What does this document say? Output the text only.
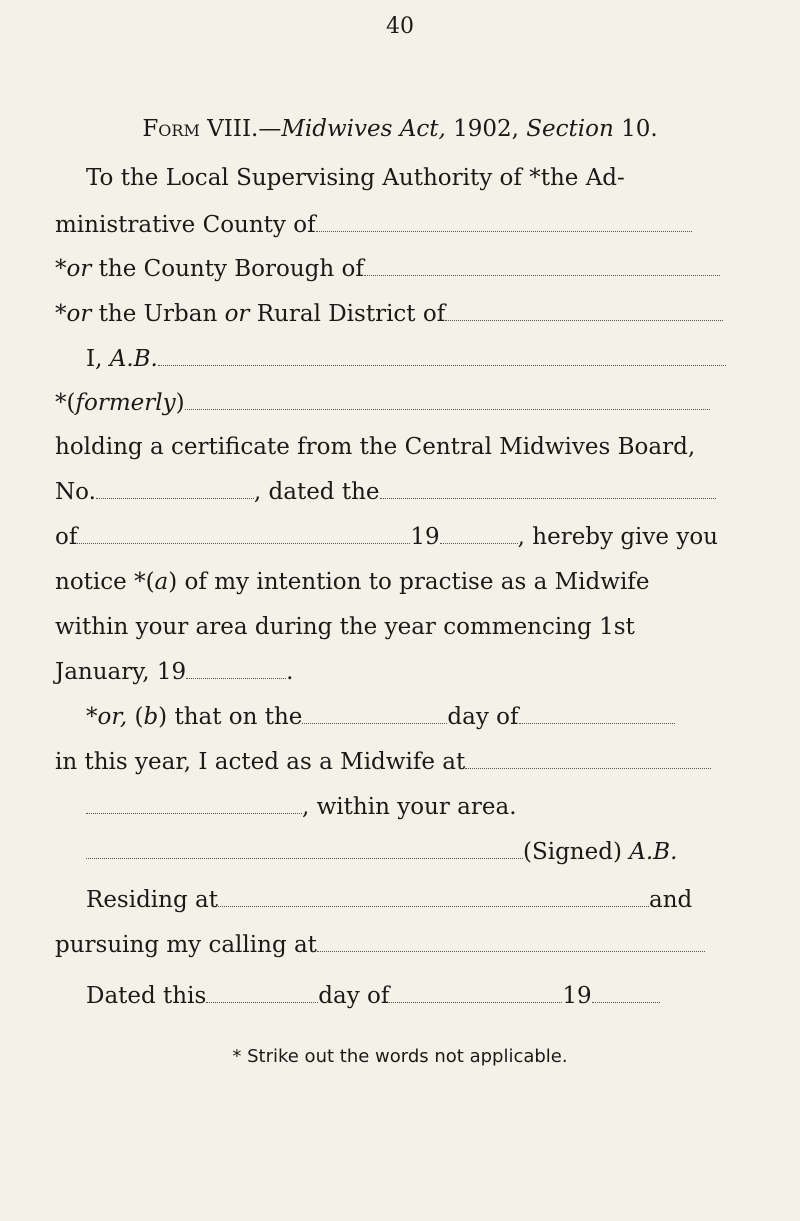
40
Form VIII.—Midwives Act, 1902, Section 10.
To the Local Supervising Authority of *the Ad-
ministrative County of
*or the County Borough of
*or the Urban or Rural District of
I, A.B.
*(formerly)
holding a certificate from the Central Midwives Board,
No.	, dated the
of	19	, hereby give you
notice *(a) of my intention to practise as a Midwife
within your area during the year commencing 1st
January, 19	.
*or, (b) that on the	day of
in this year, I acted as a Midwife at
, within your area.
(Signed) A.B.
Residing at	and
pursuing my calling at
Dated this	day of	19
* Strike out the words not applicable.
